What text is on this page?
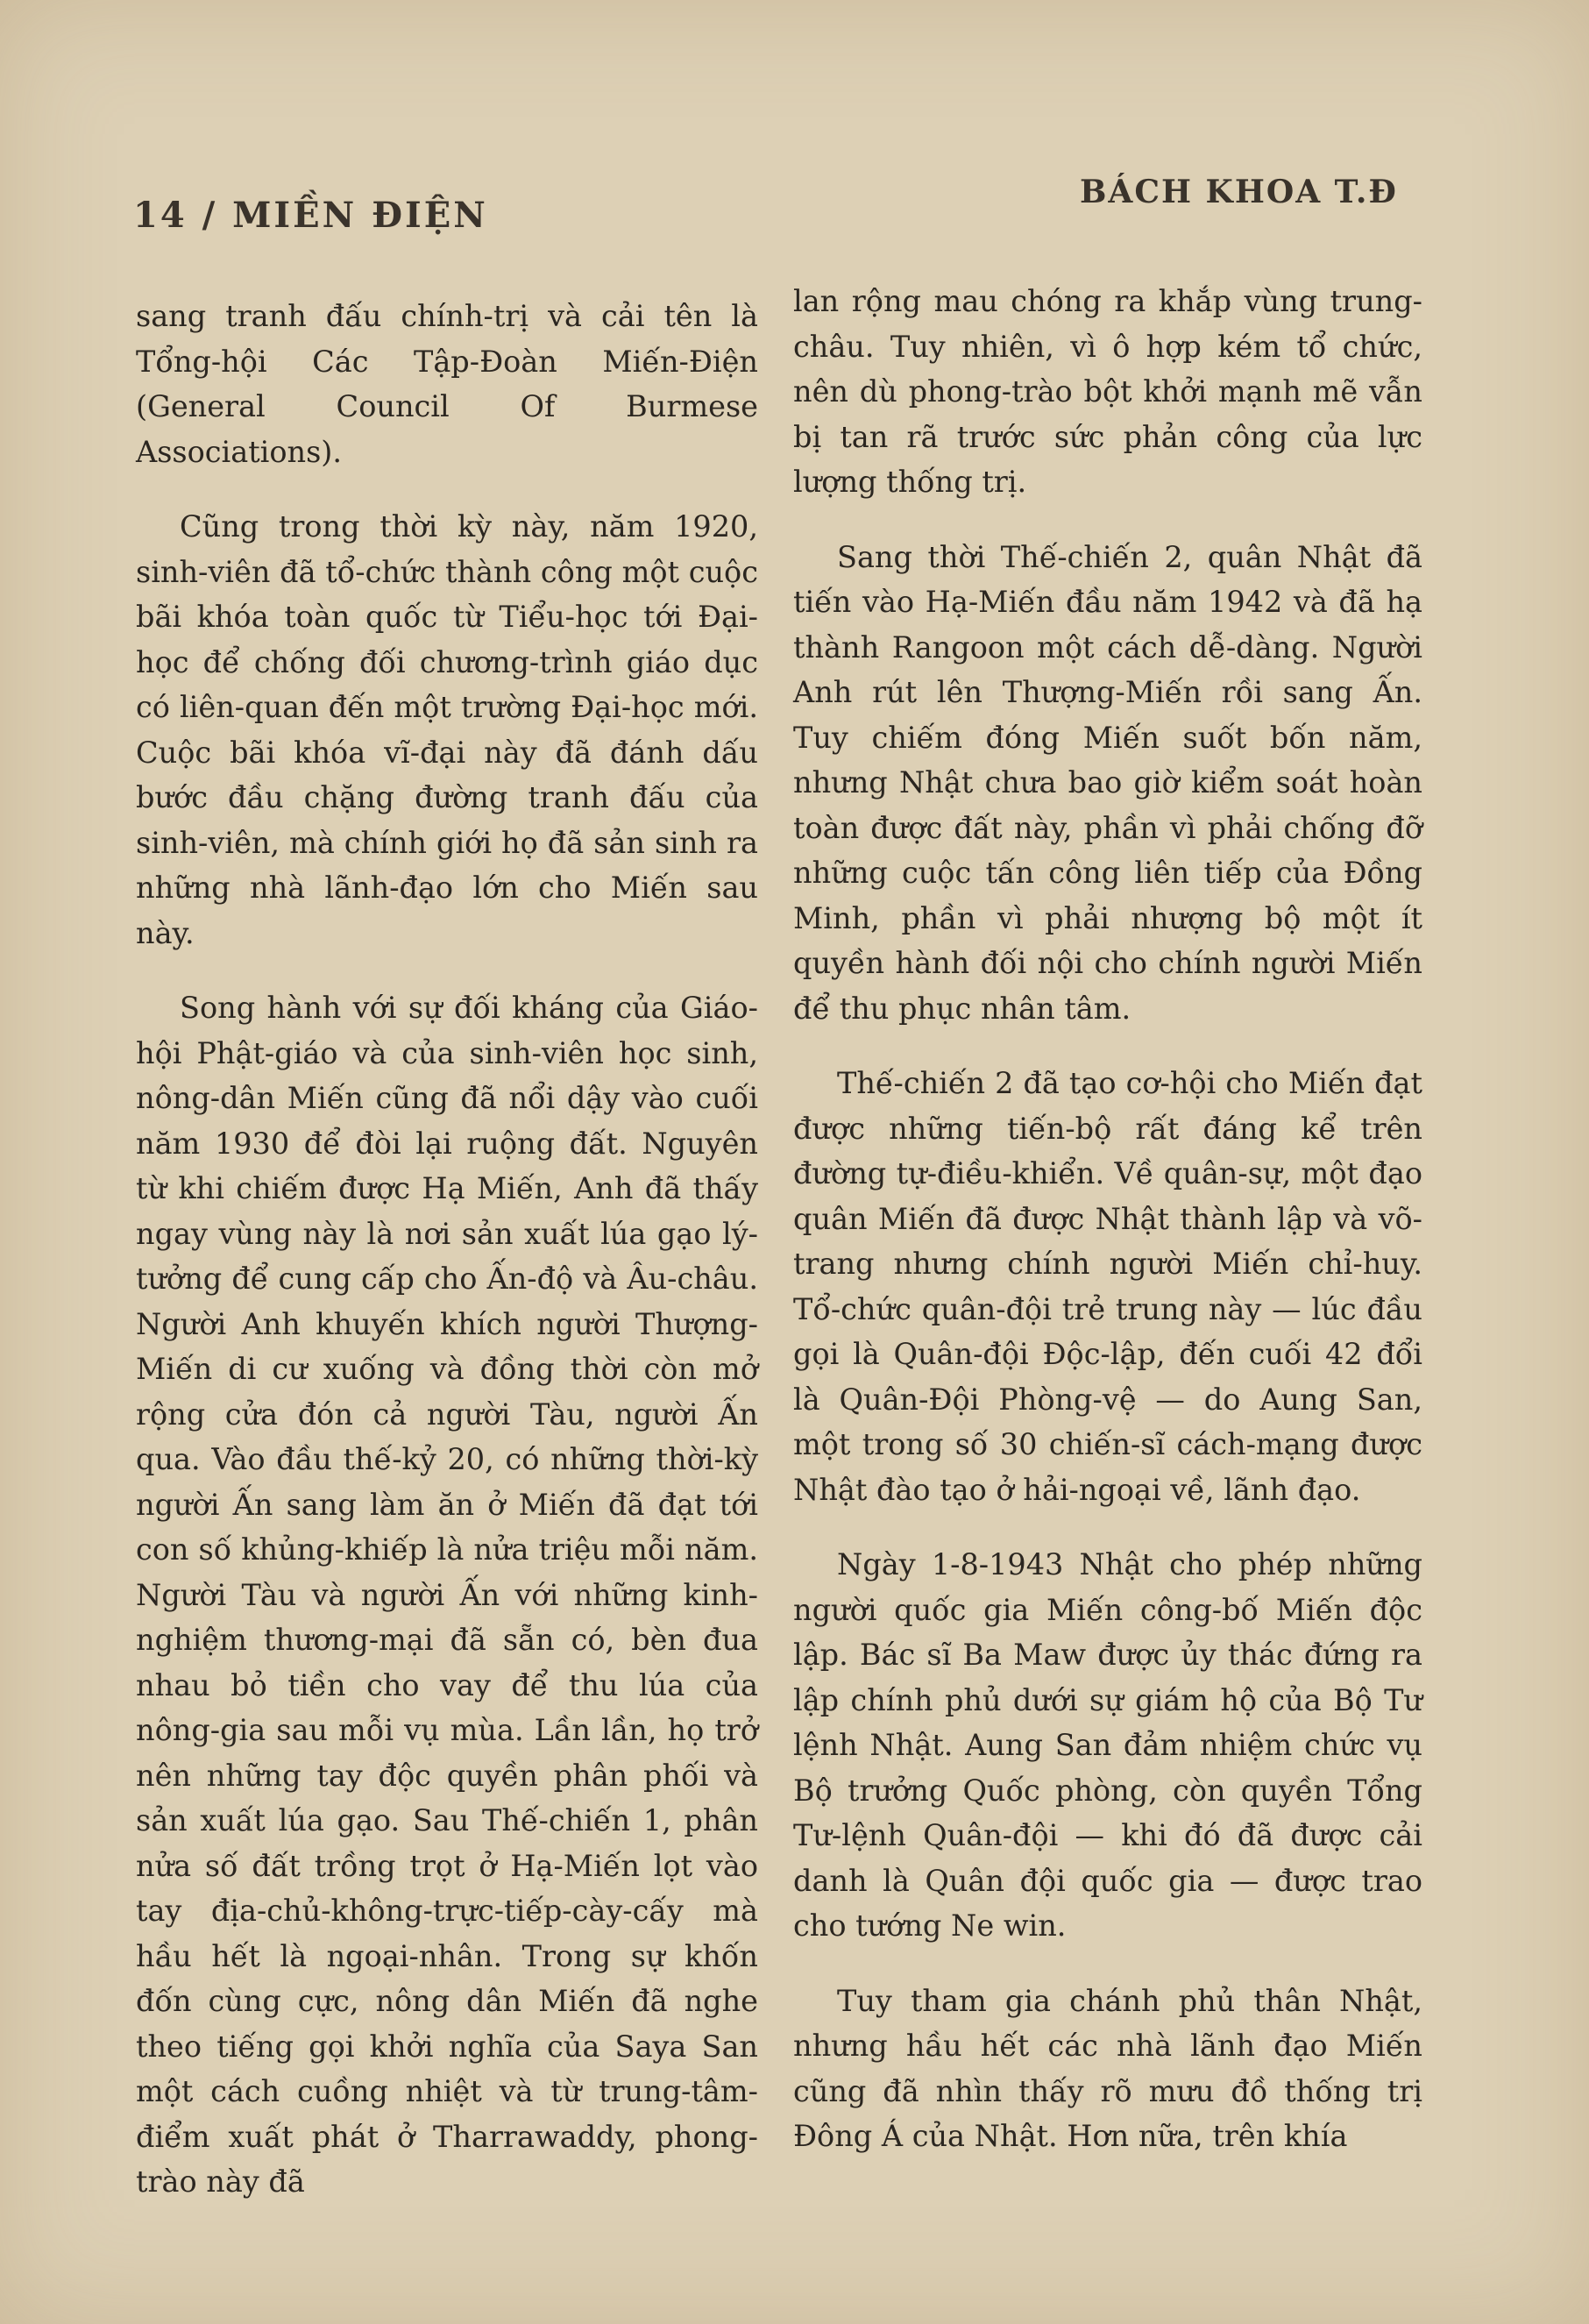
14 / MIỀN ĐIỆN
BÁCH KHOA T.Đ

sang tranh đấu chính-trị và cải tên là Tổng-hội Các Tập-Đoàn Miến-Điện (General Council Of Burmese Associations).

Cũng trong thời kỳ này, năm 1920, sinh-viên đã tổ-chức thành công một cuộc bãi khóa toàn quốc từ Tiểu-học tới Đại-học để chống đối chương-trình giáo dục có liên-quan đến một trường Đại-học mới. Cuộc bãi khóa vĩ-đại này đã đánh dấu bước đầu chặng đường tranh đấu của sinh-viên, mà chính giới họ đã sản sinh ra những nhà lãnh-đạo lớn cho Miến sau này.

Song hành với sự đối kháng của Giáo-hội Phật-giáo và của sinh-viên học sinh, nông-dân Miến cũng đã nổi dậy vào cuối năm 1930 để đòi lại ruộng đất. Nguyên từ khi chiếm được Hạ Miến, Anh đã thấy ngay vùng này là nơi sản xuất lúa gạo lý-tưởng để cung cấp cho Ấn-độ và Âu-châu. Người Anh khuyến khích người Thượng-Miến di cư xuống và đồng thời còn mở rộng cửa đón cả người Tàu, người Ấn qua. Vào đầu thế-kỷ 20, có những thời-kỳ người Ấn sang làm ăn ở Miến đã đạt tới con số khủng-khiếp là nửa triệu mỗi năm. Người Tàu và người Ấn với những kinh-nghiệm thương-mại đã sẵn có, bèn đua nhau bỏ tiền cho vay để thu lúa của nông-gia sau mỗi vụ mùa. Lần lần, họ trở nên những tay độc quyền phân phối và sản xuất lúa gạo. Sau Thế-chiến 1, phân nửa số đất trồng trọt ở Hạ-Miến lọt vào tay địa-chủ-không-trực-tiếp-cày-cấy mà hầu hết là ngoại-nhân. Trong sự khốn đốn cùng cực, nông dân Miến đã nghe theo tiếng gọi khởi nghĩa của Saya San một cách cuồng nhiệt và từ trung-tâm-điểm xuất phát ở Tharrawaddy, phong-trào này đã

lan rộng mau chóng ra khắp vùng trung-châu. Tuy nhiên, vì ô hợp kém tổ chức, nên dù phong-trào bột khởi mạnh mẽ vẫn bị tan rã trước sức phản công của lực lượng thống trị.

Sang thời Thế-chiến 2, quân Nhật đã tiến vào Hạ-Miến đầu năm 1942 và đã hạ thành Rangoon một cách dễ-dàng. Người Anh rút lên Thượng-Miến rồi sang Ấn. Tuy chiếm đóng Miến suốt bốn năm, nhưng Nhật chưa bao giờ kiểm soát hoàn toàn được đất này, phần vì phải chống đỡ những cuộc tấn công liên tiếp của Đồng Minh, phần vì phải nhượng bộ một ít quyền hành đối nội cho chính người Miến để thu phục nhân tâm.

Thế-chiến 2 đã tạo cơ-hội cho Miến đạt được những tiến-bộ rất đáng kể trên đường tự-điều-khiển. Về quân-sự, một đạo quân Miến đã được Nhật thành lập và võ-trang nhưng chính người Miến chỉ-huy. Tổ-chức quân-đội trẻ trung này — lúc đầu gọi là Quân-đội Độc-lập, đến cuối 42 đổi là Quân-Đội Phòng-vệ — do Aung San, một trong số 30 chiến-sĩ cách-mạng được Nhật đào tạo ở hải-ngoại về, lãnh đạo.

Ngày 1-8-1943 Nhật cho phép những người quốc gia Miến công-bố Miến độc lập. Bác sĩ Ba Maw được ủy thác đứng ra lập chính phủ dưới sự giám hộ của Bộ Tư lệnh Nhật. Aung San đảm nhiệm chức vụ Bộ trưởng Quốc phòng, còn quyền Tổng Tư-lệnh Quân-đội — khi đó đã được cải danh là Quân đội quốc gia — được trao cho tướng Ne win.

Tuy tham gia chánh phủ thân Nhật, nhưng hầu hết các nhà lãnh đạo Miến cũng đã nhìn thấy rõ mưu đồ thống trị Đông Á của Nhật. Hơn nữa, trên khía
